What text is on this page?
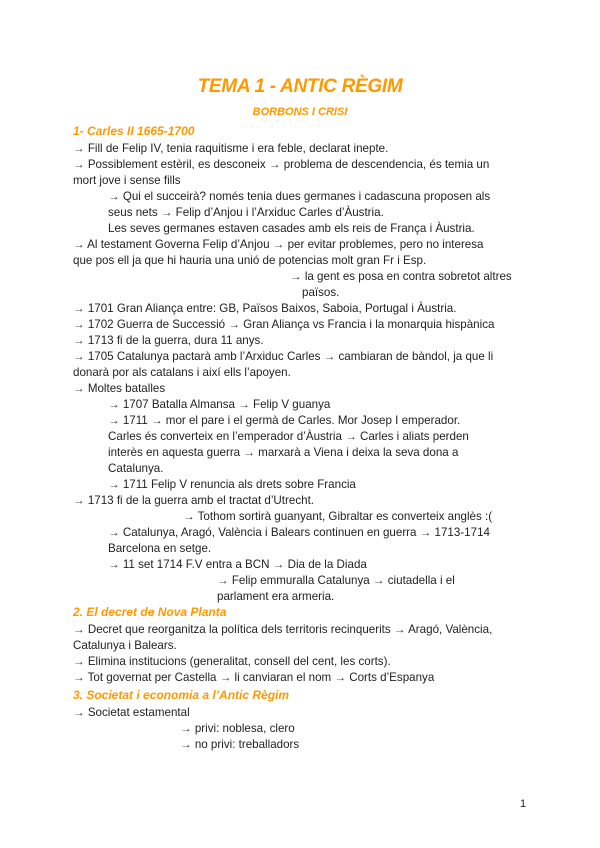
TEMA 1 - ANTIC RÈGIM
BORBONS I CRISI
1- Carles II 1665-1700
→ Fill de Felip IV, tenia raquitisme i era feble, declarat inepte.
→ Possiblement estèril, es desconeix → problema de descendencia, és temia un
mort jove i sense fills
→ Qui el succeirà? només tenia dues germanes i cadascuna proposen als
seus nets → Felip d’Anjou i l’Arxiduc Carles d’Àustria.
Les seves germanes estaven casades amb els reis de França i Àustria.
→ Al testament Governa Felip d’Anjou → per evitar problemes, pero no interesa
que pos ell ja que hi hauria una unió de potencias molt gran Fr i Esp.
→ la gent es posa en contra sobretot altres
països.
→ 1701 Gran Aliança entre: GB, Països Baixos, Saboia, Portugal i Àustria.
→ 1702 Guerra de Successió → Gran Aliança vs Francia i la monarquia hispànica
→ 1713 fi de la guerra, dura 11 anys.
→ 1705 Catalunya pactarà amb l’Arxiduc Carles → cambiaran de bàndol, ja que li
donarà por als catalans i així ells l’apoyen.
→ Moltes batalles
→ 1707 Batalla Almansa → Felip V guanya
→ 1711 → mor el pare i el germà de Carles. Mor Josep I emperador.
Carles és converteix en l’emperador d’Àustria → Carles i aliats perden
interès en aquesta guerra → marxarà a Viena i deixa la seva dona a
Catalunya.
→ 1711 Felip V renuncia als drets sobre Francia
→ 1713 fi de la guerra amb el tractat d’Utrecht.
→ Tothom sortirà guanyant, Gibraltar es converteix anglès :(
→ Catalunya, Aragó, València i Balears continuen en guerra → 1713-1714
Barcelona en setge.
→ 11 set 1714 F.V entra a BCN → Dia de la Diada
→ Felip emmuralla Catalunya → ciutadella i el
parlament era armeria.
2. El decret de Nova Planta
→ Decret que reorganitza la política dels territoris recinquerits → Aragó, València,
Catalunya i Balears.
→ Elimina institucions (generalitat, consell del cent, les corts).
→ Tot governat per Castella → li canviaran el nom → Corts d’Espanya
3. Societat i economia a l’Antic Règim
→ Societat estamental
→ privi: noblesa, clero
→ no privi: treballadors
1
